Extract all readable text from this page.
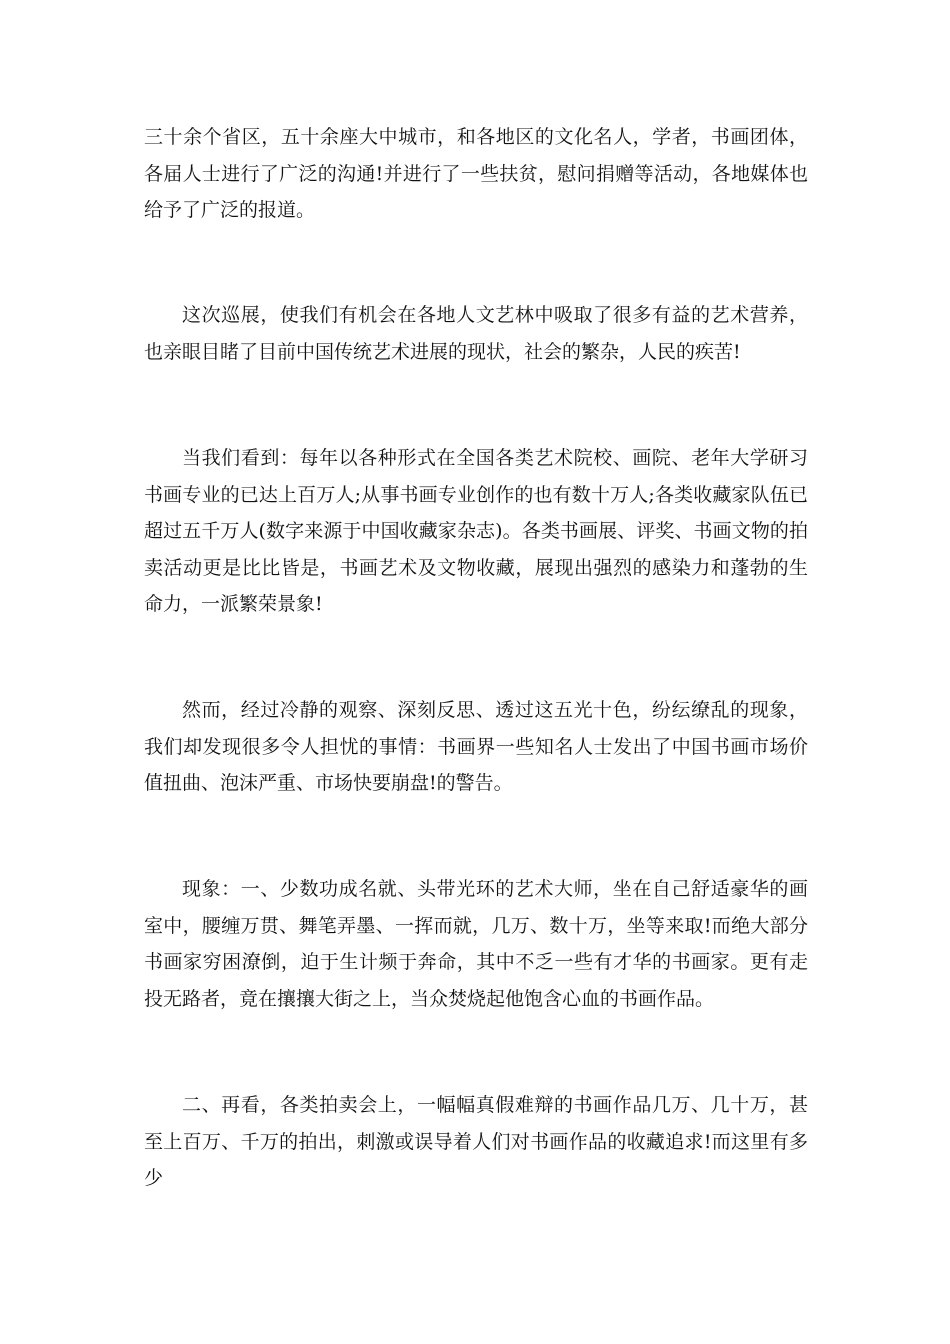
三十余个省区，五十余座大中城市，和各地区的文化名人，学者，书画团体，各届人士进行了广泛的沟通!并进行了一些扶贫，慰问捐赠等活动，各地媒体也给予了广泛的报道。

这次巡展，使我们有机会在各地人文艺林中吸取了很多有益的艺术营养，也亲眼目睹了目前中国传统艺术进展的现状，社会的繁杂，人民的疾苦!

当我们看到：每年以各种形式在全国各类艺术院校、画院、老年大学研习书画专业的已达上百万人;从事书画专业创作的也有数十万人;各类收藏家队伍已超过五千万人(数字来源于中国收藏家杂志)。各类书画展、评奖、书画文物的拍卖活动更是比比皆是，书画艺术及文物收藏，展现出强烈的感染力和蓬勃的生命力，一派繁荣景象!

然而，经过冷静的观察、深刻反思、透过这五光十色，纷纭缭乱的现象，我们却发现很多令人担忧的事情：书画界一些知名人士发出了中国书画市场价值扭曲、泡沫严重、市场快要崩盘!的警告。

现象：一、少数功成名就、头带光环的艺术大师，坐在自己舒适豪华的画室中，腰缠万贯、舞笔弄墨、一挥而就，几万、数十万，坐等来取!而绝大部分书画家穷困潦倒，迫于生计频于奔命，其中不乏一些有才华的书画家。更有走投无路者，竟在攘攘大街之上，当众焚烧起他饱含心血的书画作品。

二、再看，各类拍卖会上，一幅幅真假难辩的书画作品几万、几十万，甚至上百万、千万的拍出，刺激或误导着人们对书画作品的收藏追求!而这里有多少
